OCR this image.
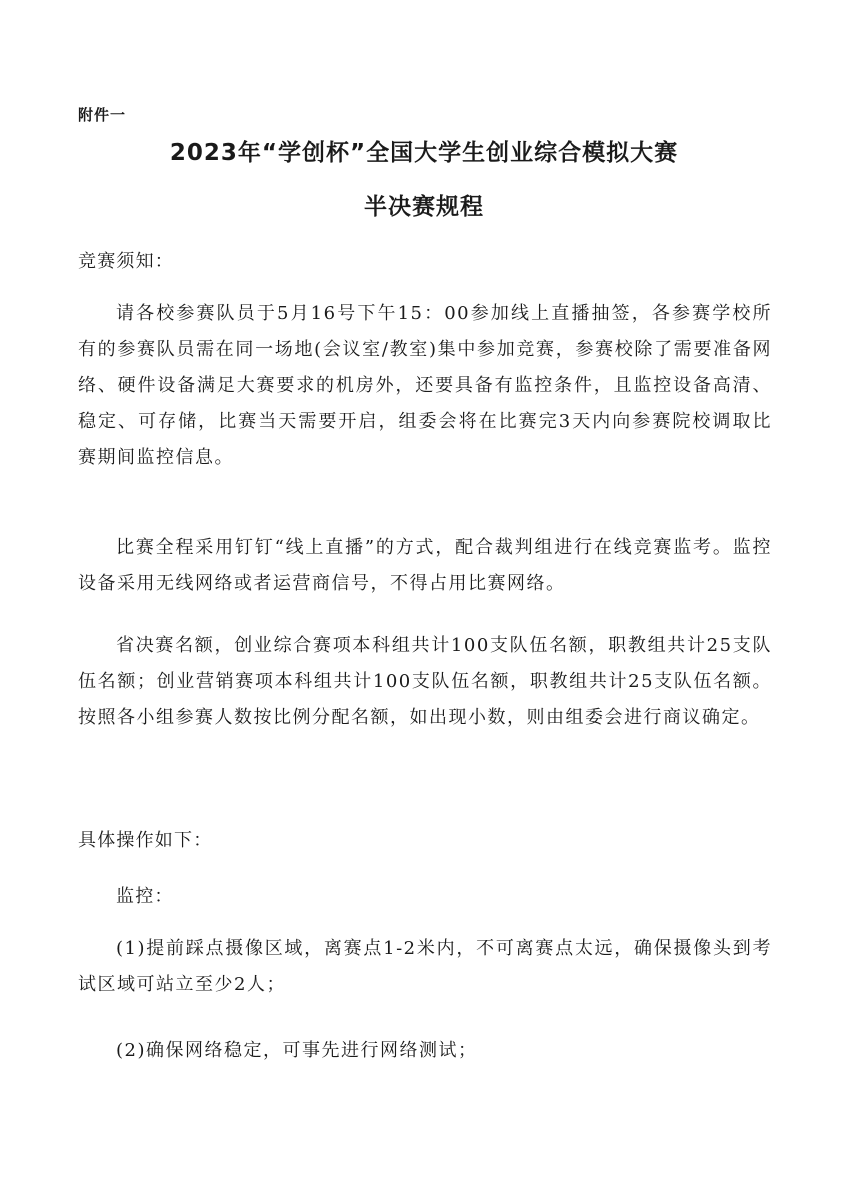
附件一
2023年“学创杯”全国大学生创业综合模拟大赛
半决赛规程
竞赛须知：
请各校参赛队员于5月16号下午15：00参加线上直播抽签，各参赛学校所有的参赛队员需在同一场地(会议室/教室)集中参加竞赛，参赛校除了需要准备网络、硬件设备满足大赛要求的机房外，还要具备有监控条件，且监控设备高清、稳定、可存储，比赛当天需要开启，组委会将在比赛完3天内向参赛院校调取比赛期间监控信息。
比赛全程采用钉钉“线上直播”的方式，配合裁判组进行在线竞赛监考。监控设备采用无线网络或者运营商信号，不得占用比赛网络。
省决赛名额，创业综合赛项本科组共计100支队伍名额，职教组共计25支队伍名额；创业营销赛项本科组共计100支队伍名额，职教组共计25支队伍名额。按照各小组参赛人数按比例分配名额，如出现小数，则由组委会进行商议确定。
具体操作如下：
监控：
(1)提前踩点摄像区域，离赛点1-2米内，不可离赛点太远，确保摄像头到考试区域可站立至少2人；
(2)确保网络稳定，可事先进行网络测试；
